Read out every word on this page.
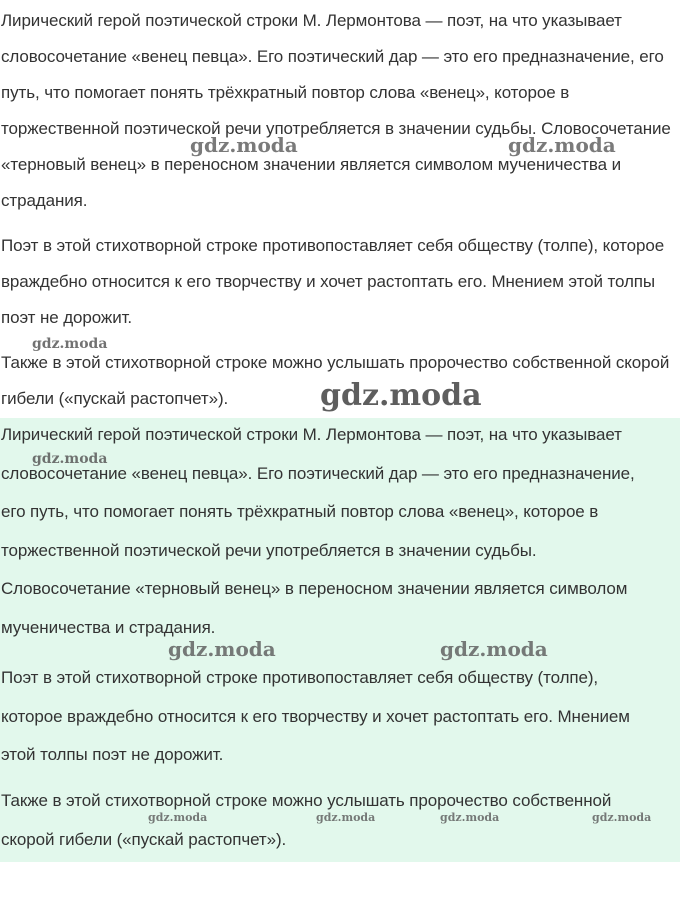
Лирический герой поэтической строки М. Лермонтова — поэт, на что указывает словосочетание «венец певца». Его поэтический дар — это его предназначение, его путь, что помогает понять трёхкратный повтор слова «венец», которое в торжественной поэтической речи употребляется в значении судьбы. Словосочетание «терновый венец» в переносном значении является символом мученичества и страдания.

Поэт в этой стихотворной строке противопоставляет себя обществу (толпе), которое враждебно относится к его творчеству и хочет растоптать его. Мнением этой толпы поэт не дорожит.

Также в этой стихотворной строке можно услышать пророчество собственной скорой гибели («пускай растопчет»).

Лирический герой поэтической строки М. Лермонтова — поэт, на что указывает словосочетание «венец певца». Его поэтический дар — это его предназначение, его путь, что помогает понять трёхкратный повтор слова «венец», которое в торжественной поэтической речи употребляется в значении судьбы. Словосочетание «терновый венец» в переносном значении является символом мученичества и страдания.

Поэт в этой стихотворной строке противопоставляет себя обществу (толпе), которое враждебно относится к его творчеству и хочет растоптать его. Мнением этой толпы поэт не дорожит.

Также в этой стихотворной строке можно услышать пророчество собственной скорой гибели («пускай растопчет»).

gdz.moda	gdz.moda
gdz.moda
gdz.moda
gdz.moda
gdz.moda	gdz.moda
gdz.moda	gdz.moda	gdz.moda	gdz.moda
